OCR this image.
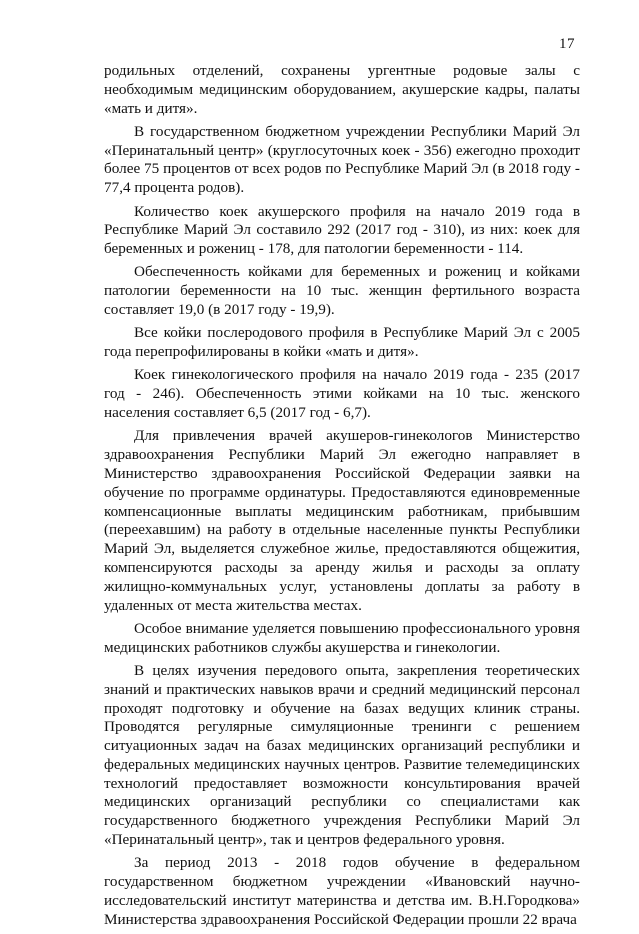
17

родильных отделений, сохранены ургентные родовые залы с необходимым медицинским оборудованием, акушерские кадры, палаты «мать и дитя».

В государственном бюджетном учреждении Республики Марий Эл «Перинатальный центр» (круглосуточных коек - 356) ежегодно проходит более 75 процентов от всех родов по Республике Марий Эл (в 2018 году - 77,4 процента родов).

Количество коек акушерского профиля на начало 2019 года в Республике Марий Эл составило 292 (2017 год - 310), из них: коек для беременных и рожениц - 178, для патологии беременности - 114.

Обеспеченность койками для беременных и рожениц и койками патологии беременности на 10 тыс. женщин фертильного возраста составляет 19,0 (в 2017 году - 19,9).

Все койки послеродового профиля в Республике Марий Эл с 2005 года перепрофилированы в койки «мать и дитя».

Коек гинекологического профиля на начало 2019 года - 235 (2017 год - 246). Обеспеченность этими койками на 10 тыс. женского населения составляет 6,5 (2017 год - 6,7).

Для привлечения врачей акушеров-гинекологов Министерство здравоохранения Республики Марий Эл ежегодно направляет в Министерство здравоохранения Российской Федерации заявки на обучение по программе ординатуры. Предоставляются единовременные компенсационные выплаты медицинским работникам, прибывшим (переехавшим) на работу в отдельные населенные пункты Республики Марий Эл, выделяется служебное жилье, предоставляются общежития, компенсируются расходы за аренду жилья и расходы за оплату жилищно-коммунальных услуг, установлены доплаты за работу в удаленных от места жительства местах.

Особое внимание уделяется повышению профессионального уровня медицинских работников службы акушерства и гинекологии.

В целях изучения передового опыта, закрепления теоретических знаний и практических навыков врачи и средний медицинский персонал проходят подготовку и обучение на базах ведущих клиник страны. Проводятся регулярные симуляционные тренинги с решением ситуационных задач на базах медицинских организаций республики и федеральных медицинских научных центров. Развитие телемедицинских технологий предоставляет возможности консультирования врачей медицинских организаций республики со специалистами как государственного бюджетного учреждения Республики Марий Эл «Перинатальный центр», так и центров федерального уровня.

За период 2013 - 2018 годов обучение в федеральном государственном бюджетном учреждении «Ивановский научно-исследовательский институт материнства и детства им. В.Н.Городкова» Министерства здравоохранения Российской Федерации прошли 22 врача
